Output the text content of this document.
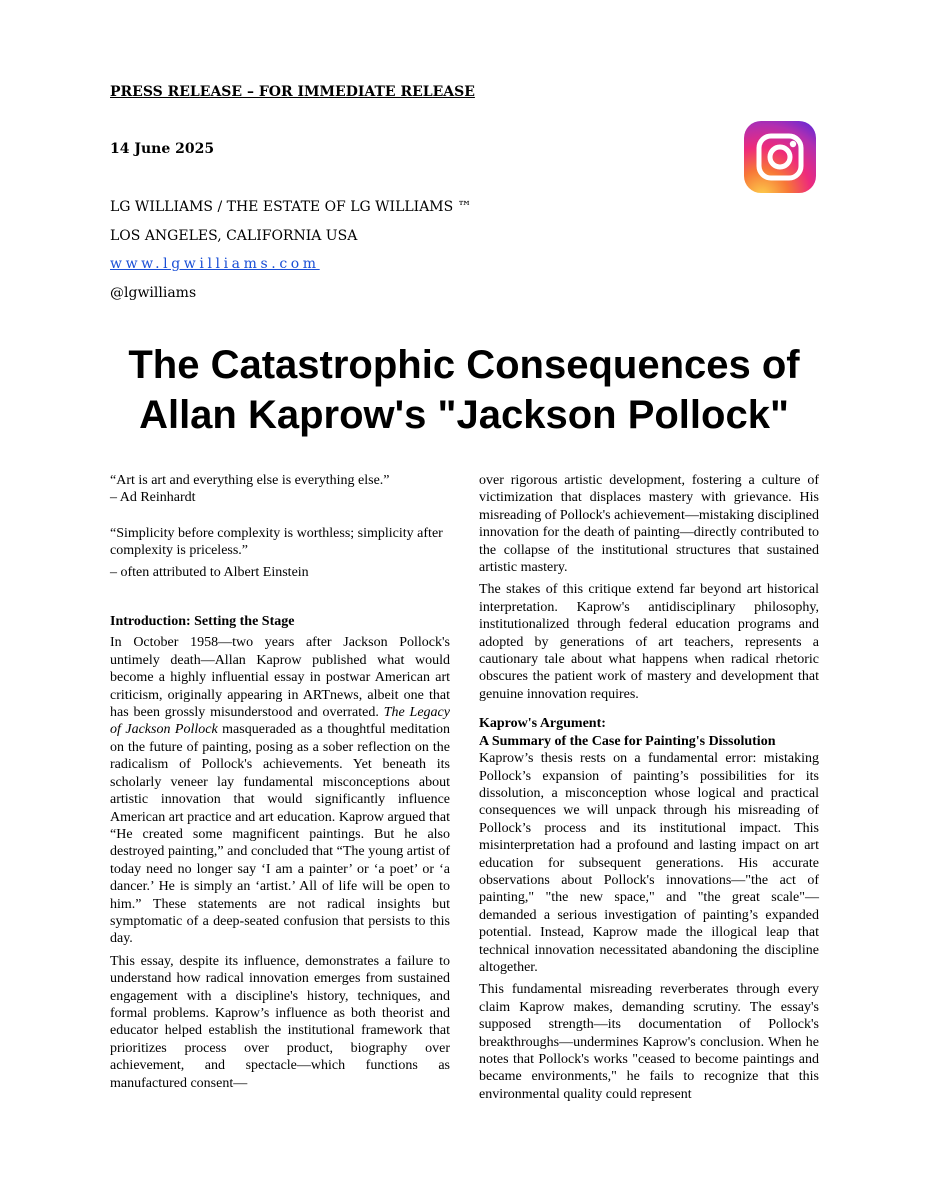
PRESS RELEASE – FOR IMMEDIATE RELEASE
14 June 2025
LG WILLIAMS / THE ESTATE OF LG WILLIAMS ™
LOS ANGELES, CALIFORNIA USA
www.lgwilliams.com
@lgwilliams
The Catastrophic Consequences of
Allan Kaprow's "Jackson Pollock"
“Art is art and everything else is everything else.”
– Ad Reinhardt
“Simplicity before complexity is worthless; simplicity after complexity is priceless.”
– often attributed to Albert Einstein
Introduction: Setting the Stage

In October 1958—two years after Jackson Pollock's untimely death—Allan Kaprow published what would become a highly influential essay in postwar American art criticism, originally appearing in ARTnews, albeit one that has been grossly misunderstood and overrated. The Legacy of Jackson Pollock masqueraded as a thoughtful meditation on the future of painting, posing as a sober reflection on the radicalism of Pollock's achievements. Yet beneath its scholarly veneer lay fundamental misconceptions about artistic innovation that would significantly influence American art practice and art education. Kaprow argued that “He created some magnificent paintings. But he also destroyed painting,” and concluded that “The young artist of today need no longer say ‘I am a painter’ or ‘a poet’ or ‘a dancer.’ He is simply an ‘artist.’ All of life will be open to him.” These statements are not radical insights but symptomatic of a deep-seated confusion that persists to this day.

This essay, despite its influence, demonstrates a failure to understand how radical innovation emerges from sustained engagement with a discipline's history, techniques, and formal problems. Kaprow’s influence as both theorist and educator helped establish the institutional framework that prioritizes process over product, biography over achievement, and spectacle—which functions as manufactured consent—

over rigorous artistic development, fostering a culture of victimization that displaces mastery with grievance. His misreading of Pollock's achievement—mistaking disciplined innovation for the death of painting—directly contributed to the collapse of the institutional structures that sustained artistic mastery.

The stakes of this critique extend far beyond art historical interpretation. Kaprow's antidisciplinary philosophy, institutionalized through federal education programs and adopted by generations of art teachers, represents a cautionary tale about what happens when radical rhetoric obscures the patient work of mastery and development that genuine innovation requires.

Kaprow's Argument:
A Summary of the Case for Painting's Dissolution

Kaprow’s thesis rests on a fundamental error: mistaking Pollock’s expansion of painting’s possibilities for its dissolution, a misconception whose logical and practical consequences we will unpack through his misreading of Pollock’s process and its institutional impact. This misinterpretation had a profound and lasting impact on art education for subsequent generations. His accurate observations about Pollock's innovations—"the act of painting," "the new space," and "the great scale"—demanded a serious investigation of painting’s expanded potential. Instead, Kaprow made the illogical leap that technical innovation necessitated abandoning the discipline altogether.

This fundamental misreading reverberates through every claim Kaprow makes, demanding scrutiny. The essay's supposed strength—its documentation of Pollock's breakthroughs—undermines Kaprow's conclusion. When he notes that Pollock's works "ceased to become paintings and became environments," he fails to recognize that this environmental quality could represent
